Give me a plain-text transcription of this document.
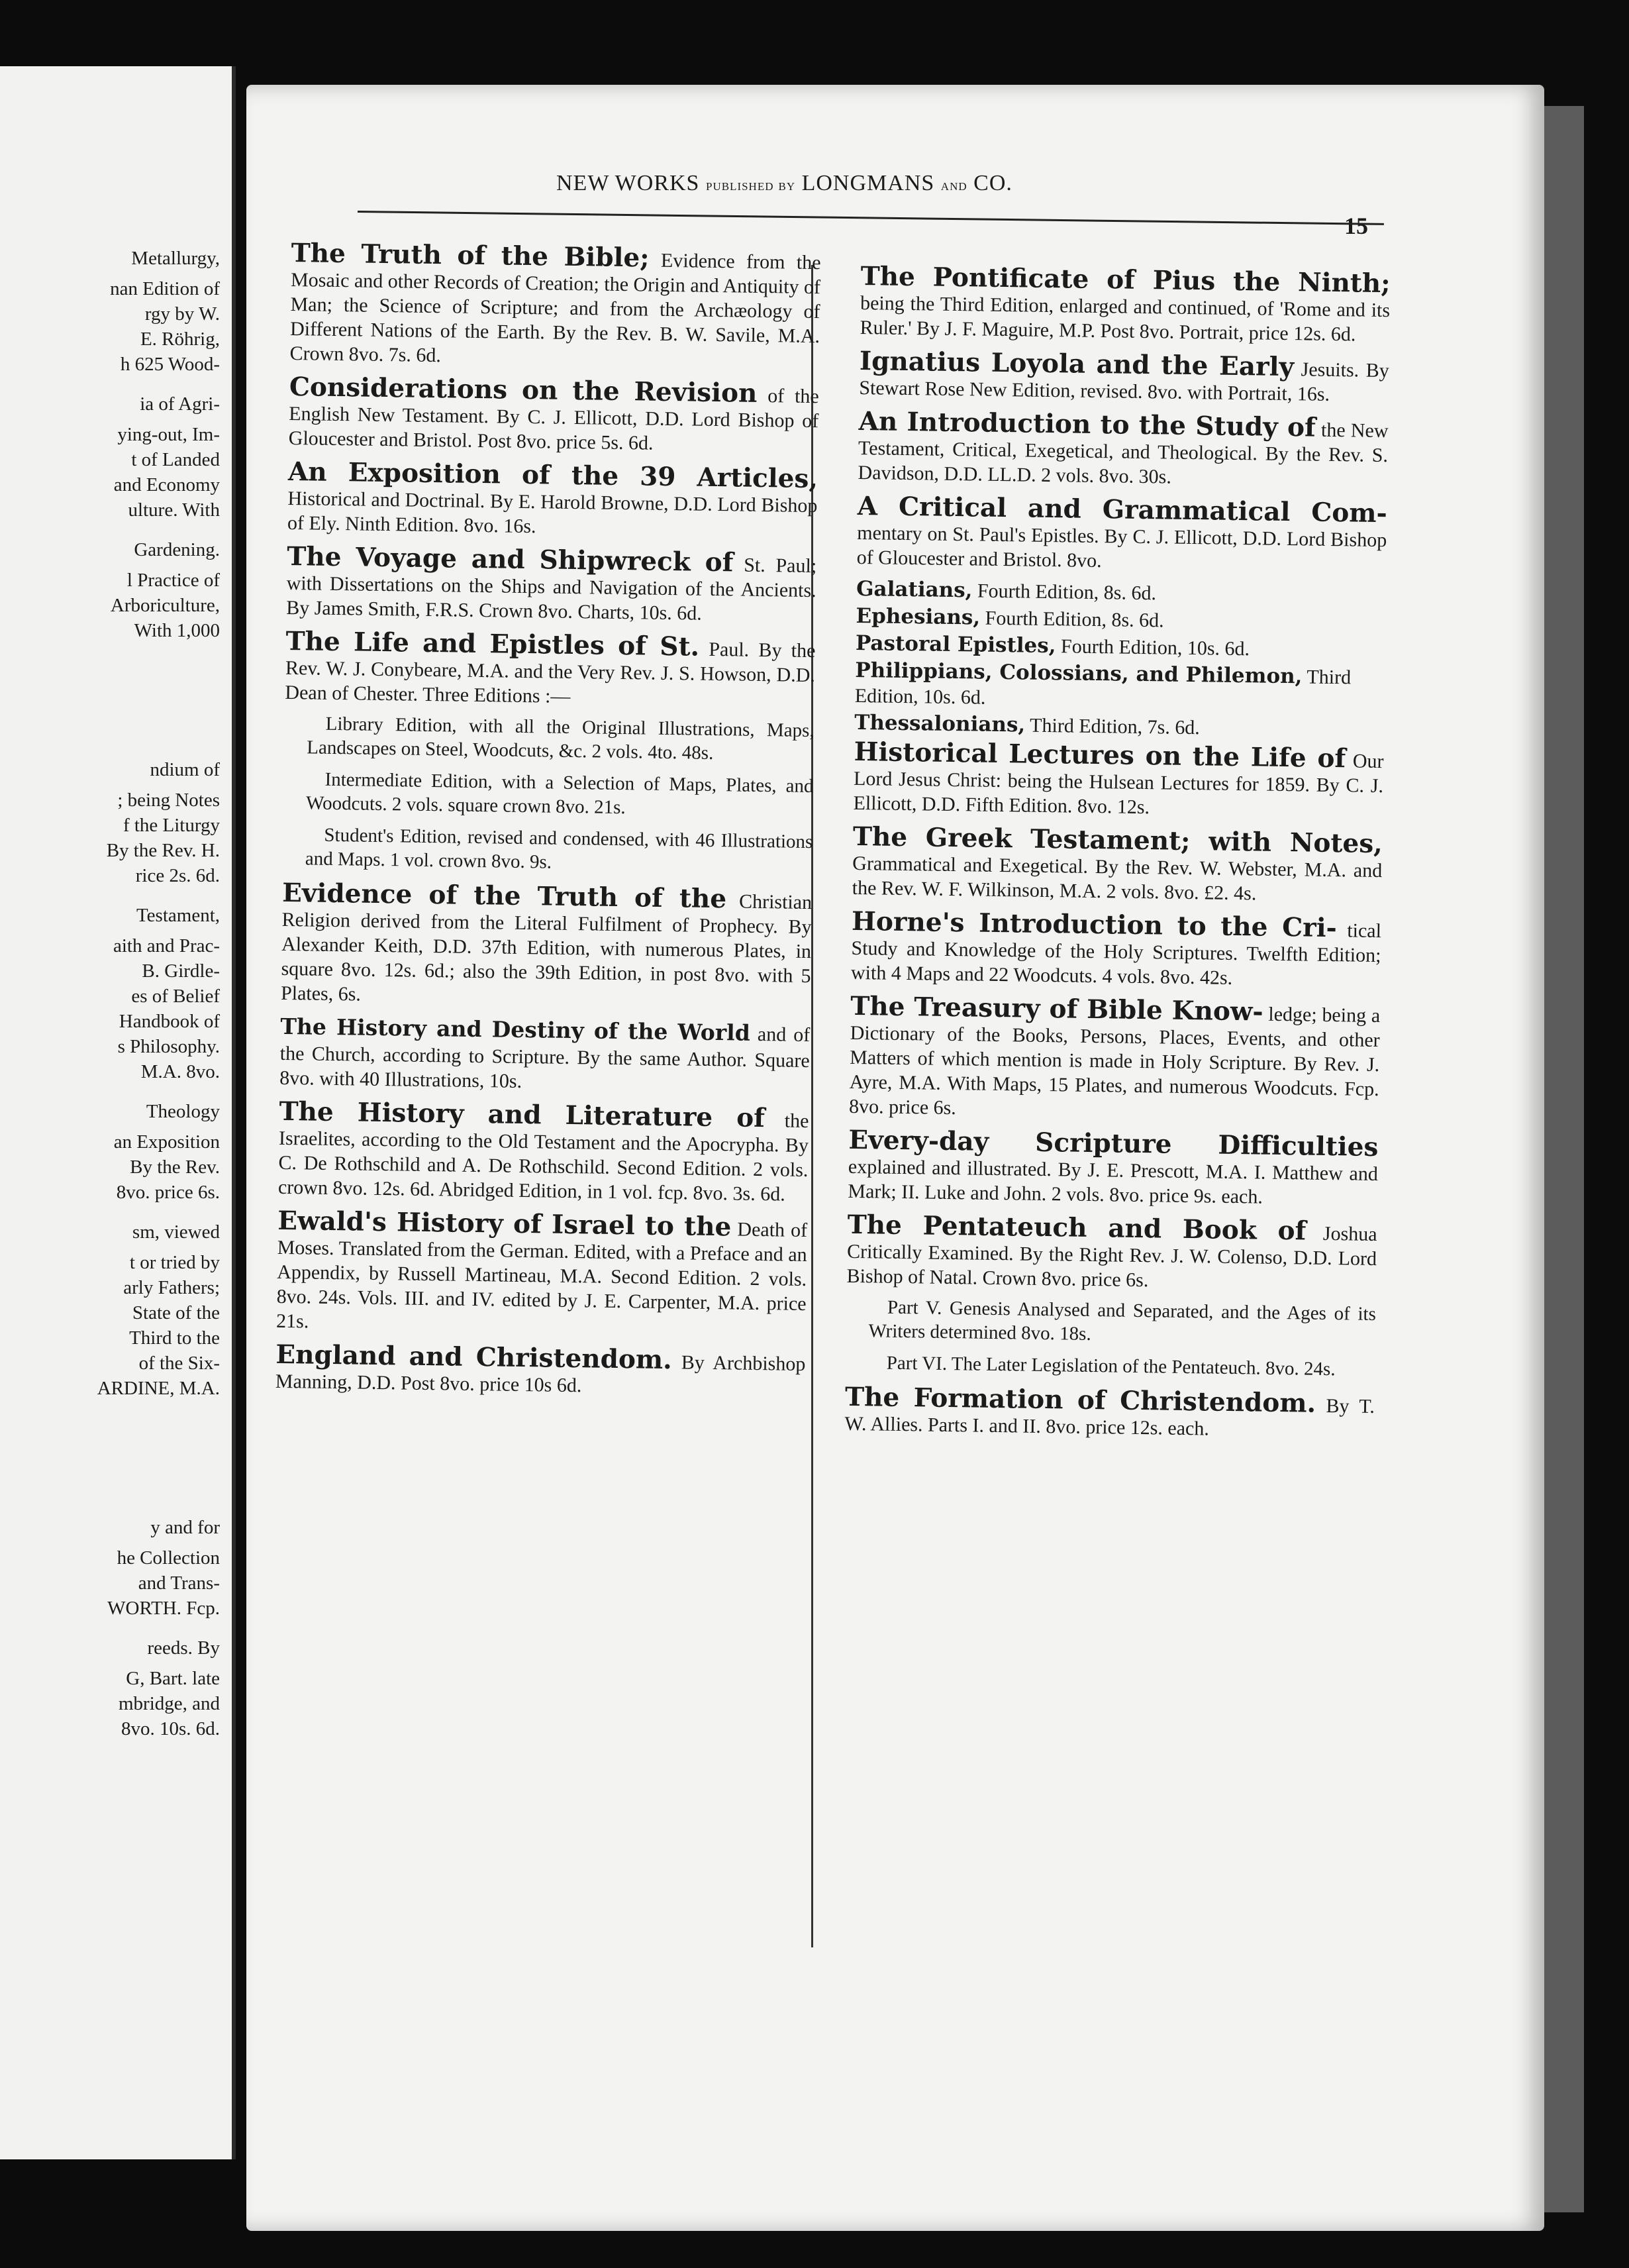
Metallurgy,
nan Edition of
rgy by W.
E. Röhrig,
h 625 Wood-
ia of Agri-
ying-out, Im-
t of Landed
and Economy
ulture. With
Gardening.
l Practice of
Arboriculture,
With 1,000
ndium of
; being Notes
f the Liturgy
By the Rev. H.
rice 2s. 6d.
Testament,
aith and Prac-
B. Girdle-
es of Belief
Handbook of
s Philosophy.
M.A. 8vo.
Theology
an Exposition
By the Rev.
8vo. price 6s.
sm, viewed
t or tried by
arly Fathers;
State of the
Third to the
of the Six-
ARDINE, M.A.
y and for
he Collection
and Trans-
WORTH. Fcp.
reeds. By
G, Bart. late
mbridge, and
8vo. 10s. 6d.
NEW WORKS published by LONGMANS and CO.
15
The Truth of the Bible; Evidence from the Mosaic and other Records of Creation; the Origin and Antiquity of Man; the Science of Scripture; and from the Archæology of Different Nations of the Earth. By the Rev. B. W. Savile, M.A. Crown 8vo. 7s. 6d.
Considerations on the Revision of the English New Testament. By C. J. Ellicott, D.D. Lord Bishop of Gloucester and Bristol. Post 8vo. price 5s. 6d.
An Exposition of the 39 Articles, Historical and Doctrinal. By E. Harold Browne, D.D. Lord Bishop of Ely. Ninth Edition. 8vo. 16s.
The Voyage and Shipwreck of St. Paul; with Dissertations on the Ships and Navigation of the Ancients. By James Smith, F.R.S. Crown 8vo. Charts, 10s. 6d.
The Life and Epistles of St. Paul. By the Rev. W. J. Conybeare, M.A. and the Very Rev. J. S. Howson, D.D. Dean of Chester. Three Editions :—
Library Edition, with all the Original Illustrations, Maps, Landscapes on Steel, Woodcuts, &c. 2 vols. 4to. 48s.
Intermediate Edition, with a Selection of Maps, Plates, and Woodcuts. 2 vols. square crown 8vo. 21s.
Student's Edition, revised and condensed, with 46 Illustrations and Maps. 1 vol. crown 8vo. 9s.
Evidence of the Truth of the Christian Religion derived from the Literal Fulfilment of Prophecy. By Alexander Keith, D.D. 37th Edition, with numerous Plates, in square 8vo. 12s. 6d.; also the 39th Edition, in post 8vo. with 5 Plates, 6s.
The History and Destiny of the World and of the Church, according to Scripture. By the same Author. Square 8vo. with 40 Illustrations, 10s.
The History and Literature of the Israelites, according to the Old Testament and the Apocrypha. By C. De Rothschild and A. De Rothschild. Second Edition. 2 vols. crown 8vo. 12s. 6d. Abridged Edition, in 1 vol. fcp. 8vo. 3s. 6d.
Ewald's History of Israel to the Death of Moses. Translated from the German. Edited, with a Preface and an Appendix, by Russell Martineau, M.A. Second Edition. 2 vols. 8vo. 24s. Vols. III. and IV. edited by J. E. Carpenter, M.A. price 21s.
England and Christendom. By Archbishop Manning, D.D. Post 8vo. price 10s 6d.
The Pontificate of Pius the Ninth; being the Third Edition, enlarged and continued, of 'Rome and its Ruler.' By J. F. Maguire, M.P. Post 8vo. Portrait, price 12s. 6d.
Ignatius Loyola and the Early Jesuits. By Stewart Rose New Edition, revised. 8vo. with Portrait, 16s.
An Introduction to the Study of the New Testament, Critical, Exegetical, and Theological. By the Rev. S. Davidson, D.D. LL.D. 2 vols. 8vo. 30s.
A Critical and Grammatical Com- mentary on St. Paul's Epistles. By C. J. Ellicott, D.D. Lord Bishop of Gloucester and Bristol. 8vo.
Galatians, Fourth Edition, 8s. 6d.
Ephesians, Fourth Edition, 8s. 6d.
Pastoral Epistles, Fourth Edition, 10s. 6d.
Philippians, Colossians, and Philemon, Third Edition, 10s. 6d.
Thessalonians, Third Edition, 7s. 6d.
Historical Lectures on the Life of Our Lord Jesus Christ: being the Hulsean Lectures for 1859. By C. J. Ellicott, D.D. Fifth Edition. 8vo. 12s.
The Greek Testament; with Notes, Grammatical and Exegetical. By the Rev. W. Webster, M.A. and the Rev. W. F. Wilkinson, M.A. 2 vols. 8vo. £2. 4s.
Horne's Introduction to the Cri- tical Study and Knowledge of the Holy Scriptures. Twelfth Edition; with 4 Maps and 22 Woodcuts. 4 vols. 8vo. 42s.
The Treasury of Bible Know- ledge; being a Dictionary of the Books, Persons, Places, Events, and other Matters of which mention is made in Holy Scripture. By Rev. J. Ayre, M.A. With Maps, 15 Plates, and numerous Woodcuts. Fcp. 8vo. price 6s.
Every-day Scripture Difficulties explained and illustrated. By J. E. Prescott, M.A. I. Matthew and Mark; II. Luke and John. 2 vols. 8vo. price 9s. each.
The Pentateuch and Book of Joshua Critically Examined. By the Right Rev. J. W. Colenso, D.D. Lord Bishop of Natal. Crown 8vo. price 6s.
Part V. Genesis Analysed and Separated, and the Ages of its Writers determined 8vo. 18s.
Part VI. The Later Legislation of the Pentateuch. 8vo. 24s.
The Formation of Christendom. By T. W. Allies. Parts I. and II. 8vo. price 12s. each.
